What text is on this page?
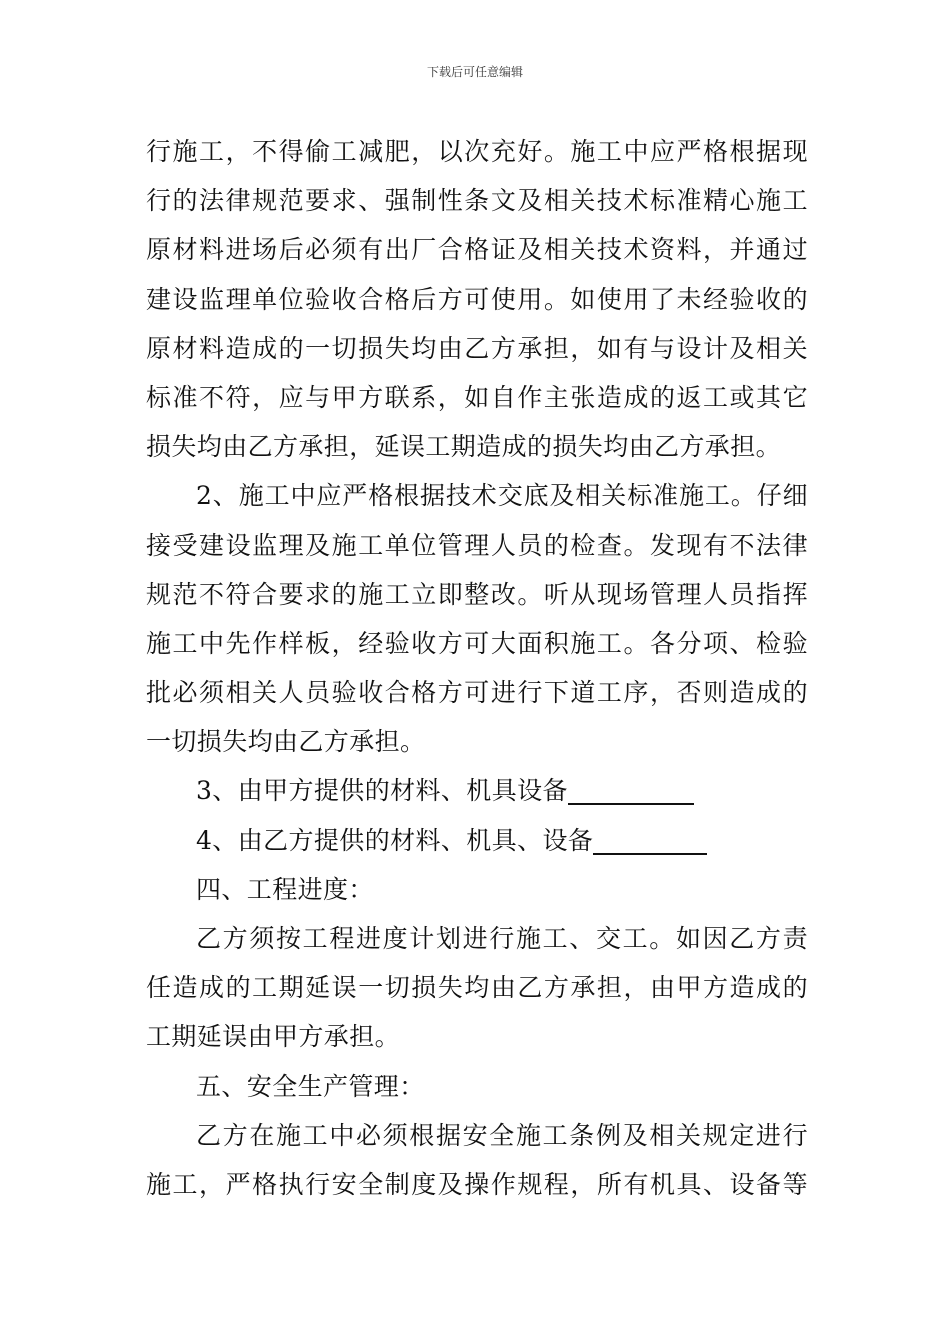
下载后可任意编辑
行施工，不得偷工减肥，以次充好。施工中应严格根据现
行的法律规范要求、强制性条文及相关技术标准精心施工
原材料进场后必须有出厂合格证及相关技术资料，并通过
建设监理单位验收合格后方可使用。如使用了未经验收的
原材料造成的一切损失均由乙方承担，如有与设计及相关
标准不符，应与甲方联系，如自作主张造成的返工或其它
损失均由乙方承担，延误工期造成的损失均由乙方承担。
2、施工中应严格根据技术交底及相关标准施工。仔细
接受建设监理及施工单位管理人员的检查。发现有不法律
规范不符合要求的施工立即整改。听从现场管理人员指挥
施工中先作样板，经验收方可大面积施工。各分项、检验
批必须相关人员验收合格方可进行下道工序，否则造成的
一切损失均由乙方承担。
3、由甲方提供的材料、机具设备
4、由乙方提供的材料、机具、设备
四、工程进度：
乙方须按工程进度计划进行施工、交工。如因乙方责
任造成的工期延误一切损失均由乙方承担，由甲方造成的
工期延误由甲方承担。
五、安全生产管理：
乙方在施工中必须根据安全施工条例及相关规定进行
施工，严格执行安全制度及操作规程，所有机具、设备等
